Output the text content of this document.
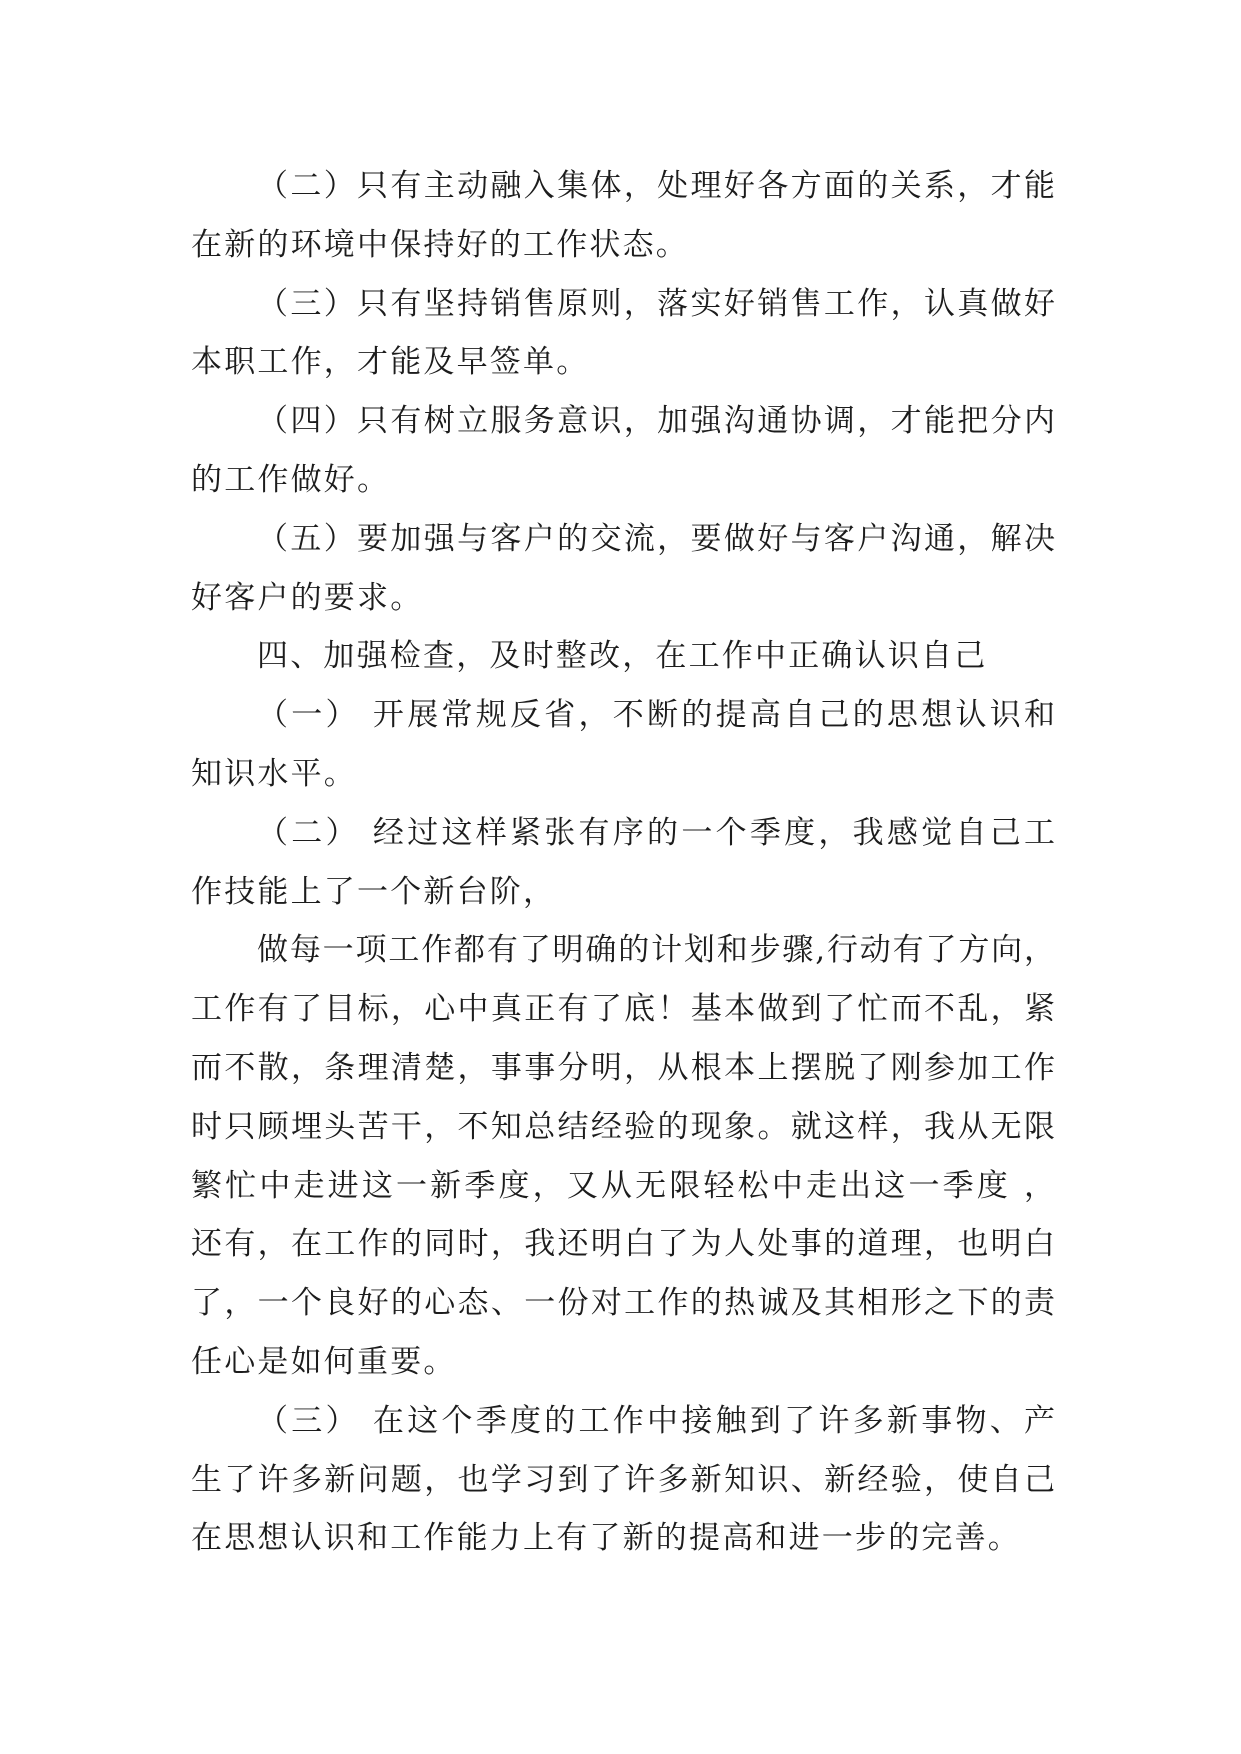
（二）只有主动融入集体，处理好各方面的关系，才能
在新的环境中保持好的工作状态。
（三）只有坚持销售原则，落实好销售工作，认真做好
本职工作，才能及早签单。
（四）只有树立服务意识，加强沟通协调，才能把分内
的工作做好。
（五）要加强与客户的交流，要做好与客户沟通，解决
好客户的要求。
四、加强检查，及时整改，在工作中正确认识自己
（一） 开展常规反省，不断的提高自己的思想认识和
知识水平。
（二） 经过这样紧张有序的一个季度，我感觉自己工
作技能上了一个新台阶，
做每一项工作都有了明确的计划和步骤,行动有了方向，
工作有了目标，心中真正有了底！基本做到了忙而不乱，紧
而不散，条理清楚，事事分明，从根本上摆脱了刚参加工作
时只顾埋头苦干，不知总结经验的现象。就这样，我从无限
繁忙中走进这一新季度，又从无限轻松中走出这一季度 ，
还有，在工作的同时，我还明白了为人处事的道理，也明白
了，一个良好的心态、一份对工作的热诚及其相形之下的责
任心是如何重要。
（三） 在这个季度的工作中接触到了许多新事物、产
生了许多新问题，也学习到了许多新知识、新经验，使自己
在思想认识和工作能力上有了新的提高和进一步的完善。
